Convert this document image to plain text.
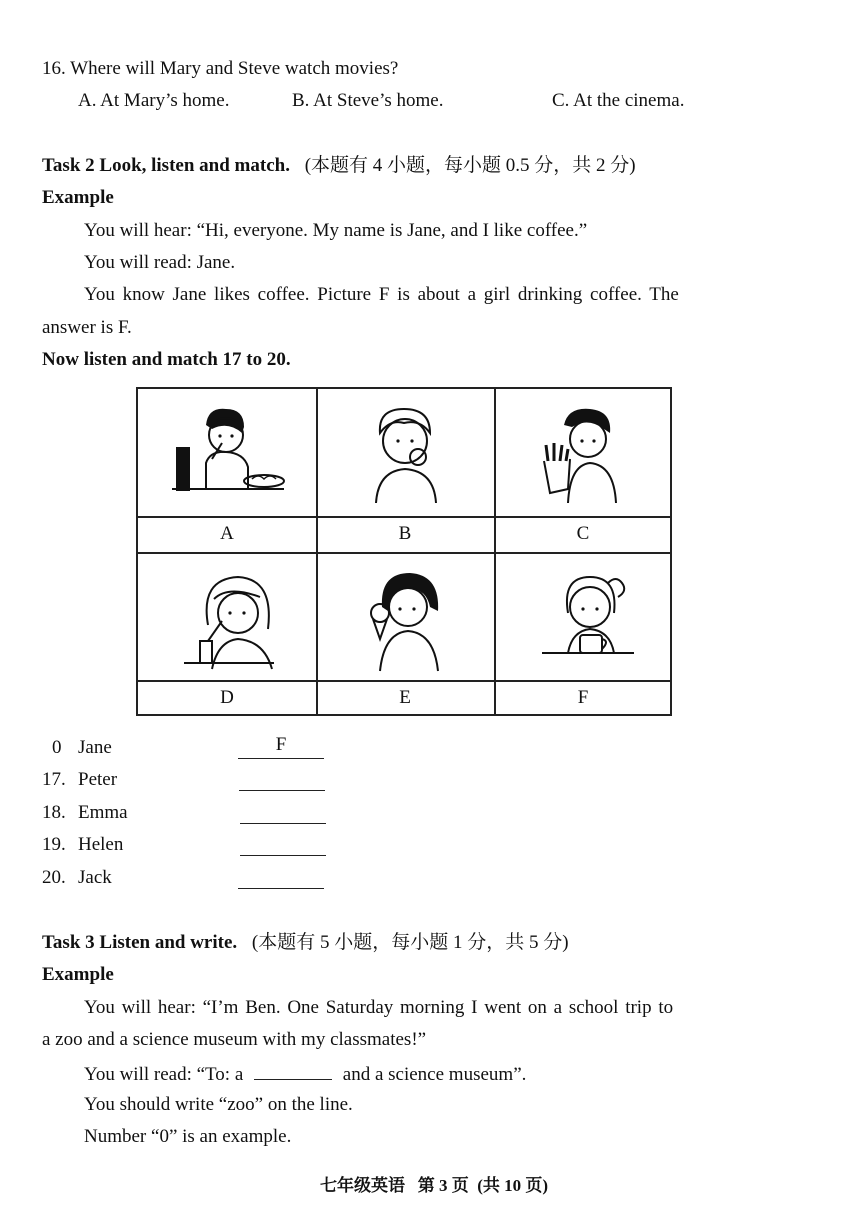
16. Where will Mary and Steve watch movies?
A. At Mary’s home.	B. At Steve’s home.	C. At the cinema.
Task 2 Look, listen and match. (本题有 4 小题，每小题 0.5 分，共 2 分)
Example
You will hear: “Hi, everyone. My name is Jane, and I like coffee.”
You will read: Jane.
You know Jane likes coffee. Picture F is about a girl drinking coffee. The
answer is F.
Now listen and match 17 to 20.
A	B	C
D	E	F
0 Jane	F
17. Peter
18. Emma
19. Helen
20. Jack
Task 3 Listen and write. (本题有 5 小题，每小题 1 分，共 5 分)
Example
You will hear: “I’m Ben. One Saturday morning I went on a school trip to
a zoo and a science museum with my classmates!”
You will read: “To: a	and a science museum”.
You should write “zoo” on the line.
Number “0” is an example.
七年级英语   第 3 页  (共 10 页)
